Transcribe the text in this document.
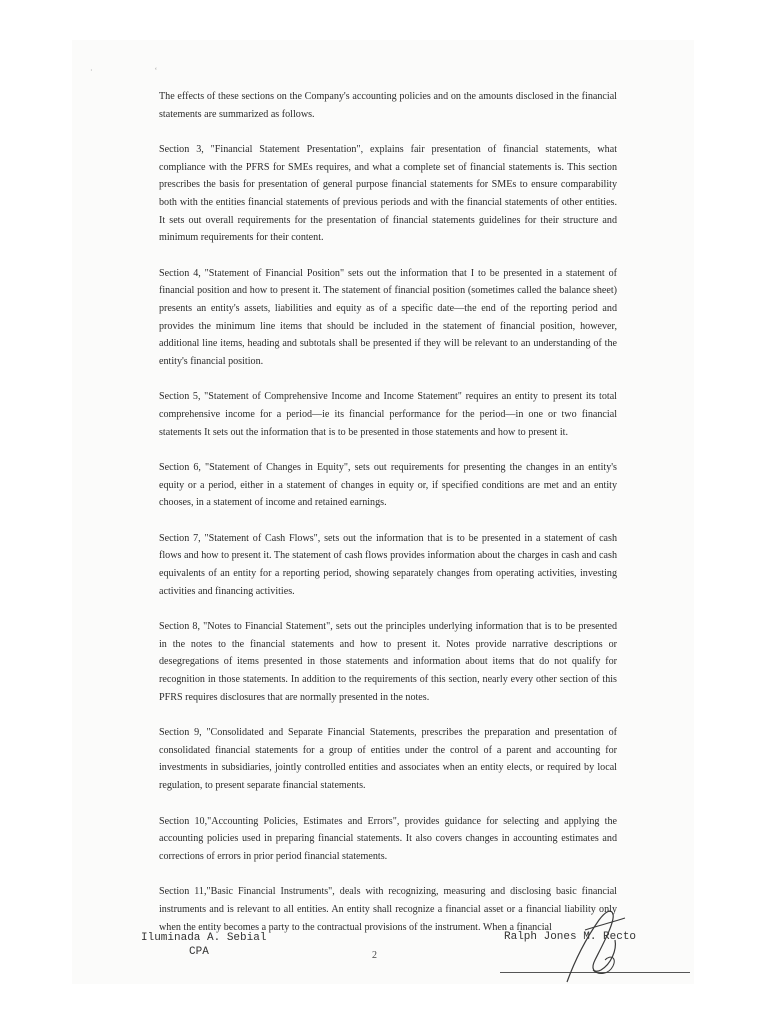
· ‘

The effects of these sections on the Company's accounting policies and on the amounts disclosed in the financial statements are summarized as follows.

Section 3, "Financial Statement Presentation", explains fair presentation of financial statements, what compliance with the PFRS for SMEs requires, and what a complete set of financial statements is. This section prescribes the basis for presentation of general purpose financial statements for SMEs to ensure comparability both with the entities financial statements of previous periods and with the financial statements of other entities. It sets out overall requirements for the presentation of financial statements guidelines for their structure and minimum requirements for their content.

Section 4, "Statement of Financial Position" sets out the information that I to be presented in a statement of financial position and how to present it. The statement of financial position (sometimes called the balance sheet) presents an entity's assets, liabilities and equity as of a specific date—the end of the reporting period and provides the minimum line items that should be included in the statement of financial position, however, additional line items, heading and subtotals shall be presented if they will be relevant to an understanding of the entity's financial position.

Section 5, "Statement of Comprehensive Income and Income Statement" requires an entity to present its total comprehensive income for a period—ie its financial performance for the period—in one or two financial statements It sets out the information that is to be presented in those statements and how to present it.

Section 6, "Statement of Changes in Equity", sets out requirements for presenting the changes in an entity's equity or a period, either in a statement of changes in equity or, if specified conditions are met and an entity chooses, in a statement of income and retained earnings.

Section 7, "Statement of Cash Flows", sets out the information that is to be presented in a statement of cash flows and how to present it. The statement of cash flows provides information about the charges in cash and cash equivalents of an entity for a reporting period, showing separately changes from operating activities, investing activities and financing activities.

Section 8, "Notes to Financial Statement", sets out the principles underlying information that is to be presented in the notes to the financial statements and how to present it. Notes provide narrative descriptions or desegregations of items presented in those statements and information about items that do not qualify for recognition in those statements. In addition to the requirements of this section, nearly every other section of this PFRS requires disclosures that are normally presented in the notes.

Section 9, "Consolidated and Separate Financial Statements, prescribes the preparation and presentation of consolidated financial statements for a group of entities under the control of a parent and accounting for investments in subsidiaries, jointly controlled entities and associates when an entity elects, or required by local regulation, to present separate financial statements.

Section 10,"Accounting Policies, Estimates and Errors", provides guidance for selecting and applying the accounting policies used in preparing financial statements. It also covers changes in accounting estimates and corrections of errors in prior period financial statements.

Section 11,"Basic Financial Instruments", deals with recognizing, measuring and disclosing basic financial instruments and is relevant to all entities. An entity shall recognize a financial asset or a financial liability only when the entity becomes a party to the contractual provisions of the instrument. When a financial

Iluminada A. Sebial
CPA	2
Ralph Jones M. Recto
